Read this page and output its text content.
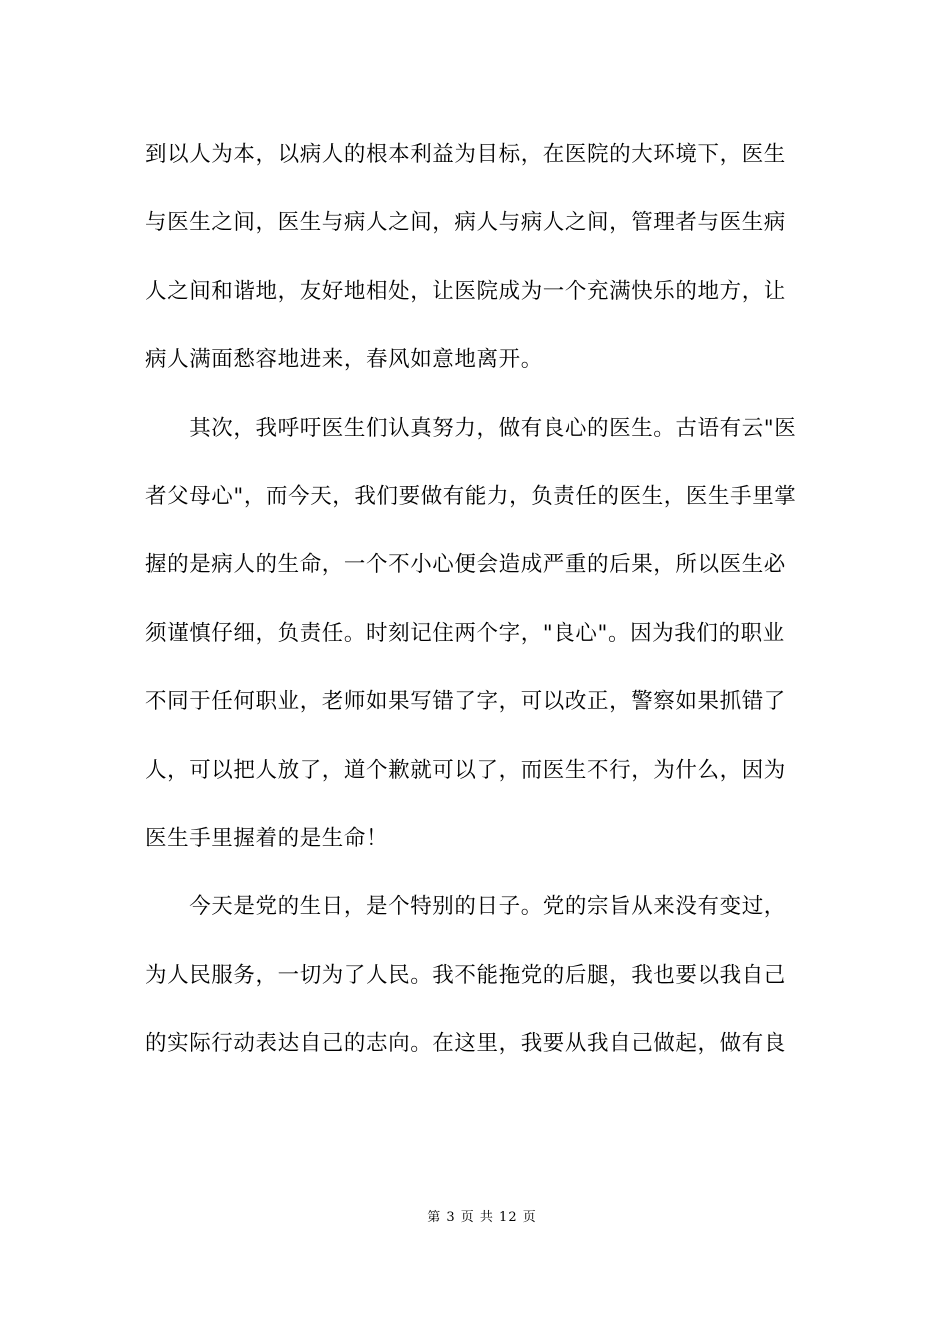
到以人为本，以病人的根本利益为目标，在医院的大环境下，医生
与医生之间，医生与病人之间，病人与病人之间，管理者与医生病
人之间和谐地，友好地相处，让医院成为一个充满快乐的地方，让
病人满面愁容地进来，春风如意地离开。
　　其次，我呼吁医生们认真努力，做有良心的医生。古语有云"医
者父母心"，而今天，我们要做有能力，负责任的医生，医生手里掌
握的是病人的生命，一个不小心便会造成严重的后果，所以医生必
须谨慎仔细，负责任。时刻记住两个字，"良心"。因为我们的职业
不同于任何职业，老师如果写错了字，可以改正，警察如果抓错了
人，可以把人放了，道个歉就可以了，而医生不行，为什么，因为
医生手里握着的是生命！
　　今天是党的生日，是个特别的日子。党的宗旨从来没有变过，
为人民服务，一切为了人民。我不能拖党的后腿，我也要以我自己
的实际行动表达自己的志向。在这里，我要从我自己做起，做有良
第 3 页 共 12 页
